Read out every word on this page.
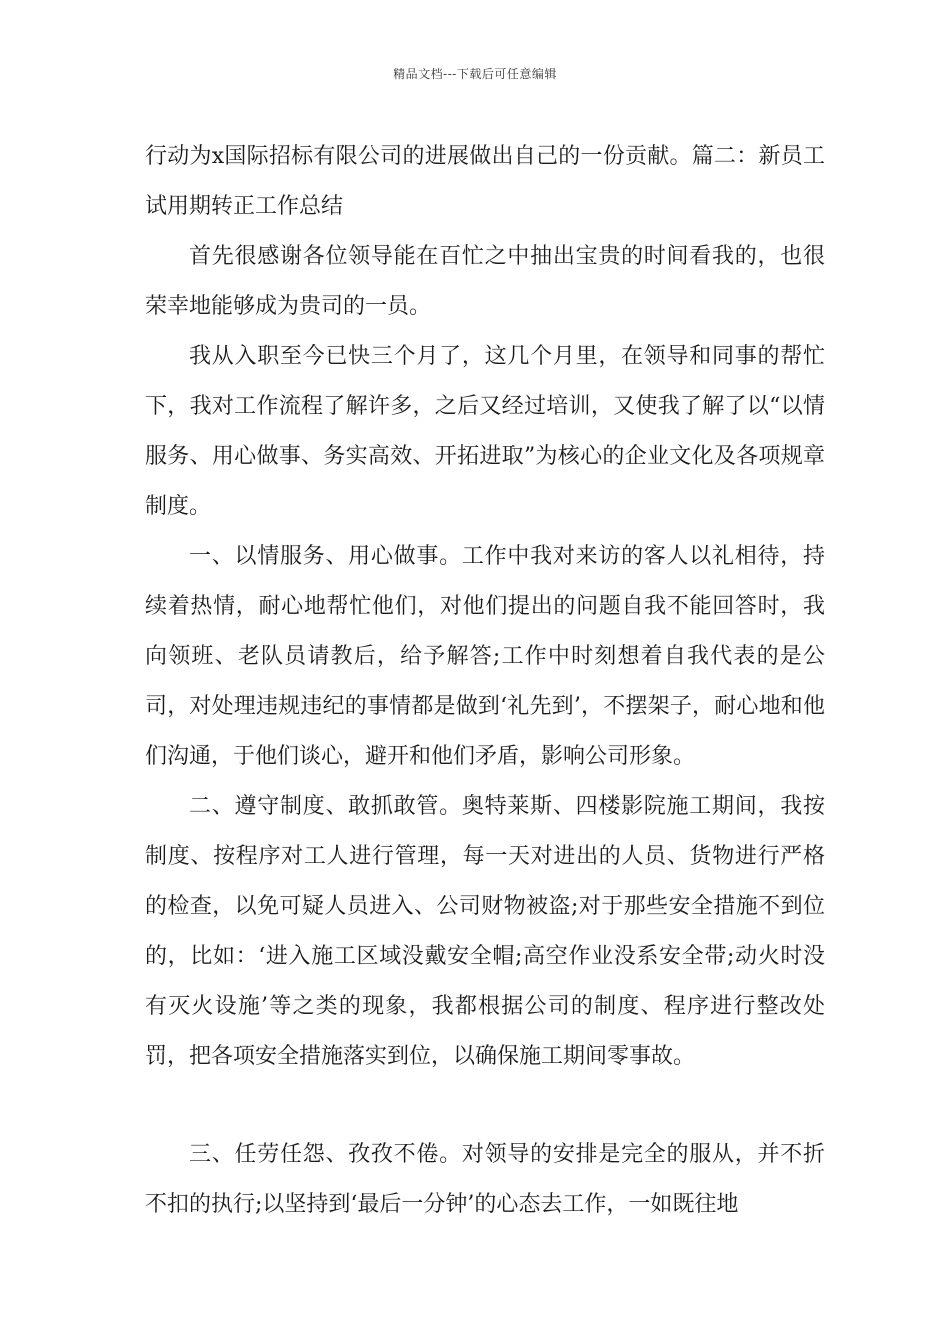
精品文档---下载后可任意编辑

行动为x国际招标有限公司的进展做出自己的一份贡献。篇二：新员工试用期转正工作总结

首先很感谢各位领导能在百忙之中抽出宝贵的时间看我的，也很荣幸地能够成为贵司的一员。

我从入职至今已快三个月了，这几个月里，在领导和同事的帮忙下，我对工作流程了解许多，之后又经过培训，又使我了解了以“以情服务、用心做事、务实高效、开拓进取”为核心的企业文化及各项规章制度。

一、以情服务、用心做事。工作中我对来访的客人以礼相待，持续着热情，耐心地帮忙他们，对他们提出的问题自我不能回答时，我向领班、老队员请教后，给予解答;工作中时刻想着自我代表的是公司，对处理违规违纪的事情都是做到‘礼先到’，不摆架子，耐心地和他们沟通，于他们谈心，避开和他们矛盾，影响公司形象。

二、遵守制度、敢抓敢管。奥特莱斯、四楼影院施工期间，我按制度、按程序对工人进行管理，每一天对进出的人员、货物进行严格的检查，以免可疑人员进入、公司财物被盗;对于那些安全措施不到位的，比如：‘进入施工区域没戴安全帽;高空作业没系安全带;动火时没有灭火设施’等之类的现象，我都根据公司的制度、程序进行整改处罚，把各项安全措施落实到位，以确保施工期间零事故。

三、任劳任怨、孜孜不倦。对领导的安排是完全的服从，并不折不扣的执行;以坚持到‘最后一分钟’的心态去工作，一如既往地
